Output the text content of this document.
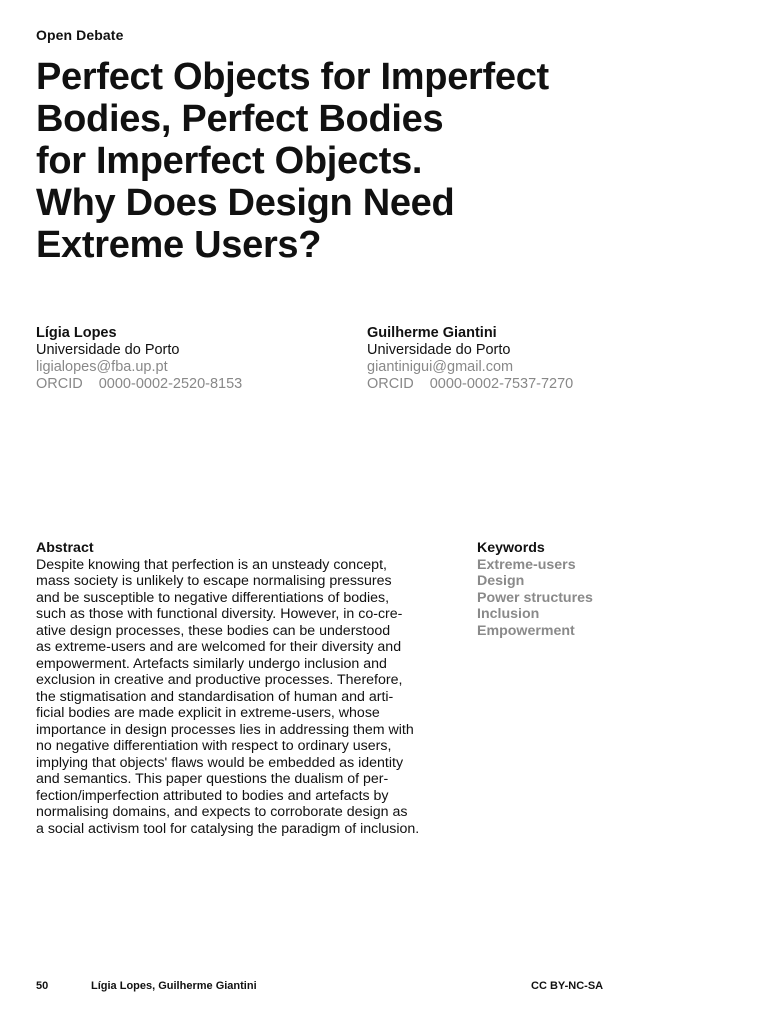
Open Debate
Perfect Objects for Imperfect
Bodies, Perfect Bodies
for Imperfect Objects.
Why Does Design Need
Extreme Users?
Lígia Lopes
Universidade do Porto
ligialopes@fba.up.pt
ORCID 0000-0002-2520-8153
Guilherme Giantini
Universidade do Porto
giantinigui@gmail.com
ORCID 0000-0002-7537-7270
Abstract
Despite knowing that perfection is an unsteady concept,
mass society is unlikely to escape normalising pressures
and be susceptible to negative differentiations of bodies,
such as those with functional diversity. However, in co-cre-
ative design processes, these bodies can be understood
as extreme-users and are welcomed for their diversity and
empowerment. Artefacts similarly undergo inclusion and
exclusion in creative and productive processes. Therefore,
the stigmatisation and standardisation of human and arti-
ficial bodies are made explicit in extreme-users, whose
importance in design processes lies in addressing them with
no negative differentiation with respect to ordinary users,
implying that objects' flaws would be embedded as identity
and semantics. This paper questions the dualism of per-
fection/imperfection attributed to bodies and artefacts by
normalising domains, and expects to corroborate design as
a social activism tool for catalysing the paradigm of inclusion.
Keywords
Extreme-users
Design
Power structures
Inclusion
Empowerment
50	Lígia Lopes, Guilherme Giantini	CC BY-NC-SA
